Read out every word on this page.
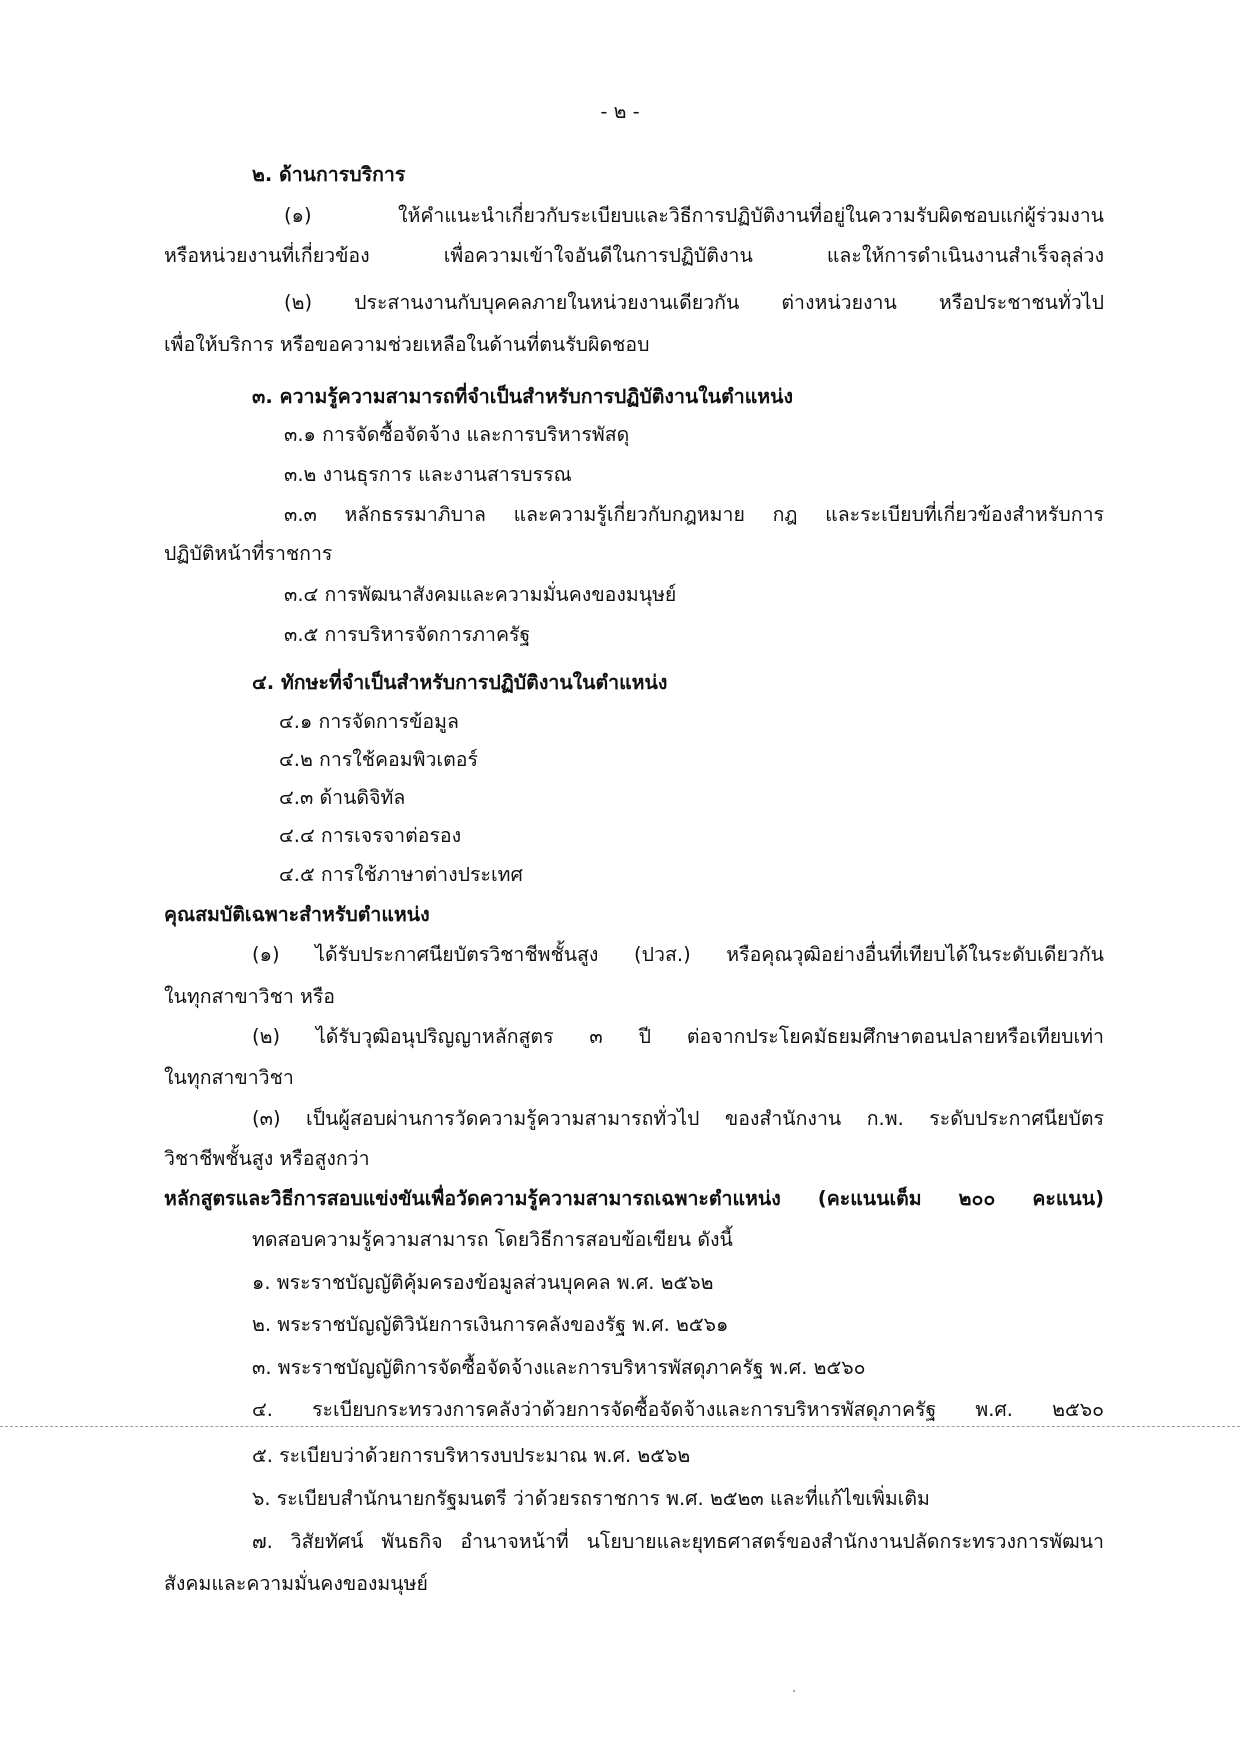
- ๒ -
๒. ด้านการบริการ
(๑) ให้คำแนะนำเกี่ยวกับระเบียบและวิธีการปฏิบัติงานที่อยู่ในความรับผิดชอบแก่ผู้ร่วมงาน
หรือหน่วยงานที่เกี่ยวข้อง เพื่อความเข้าใจอันดีในการปฏิบัติงาน และให้การดำเนินงานสำเร็จลุล่วง
(๒) ประสานงานกับบุคคลภายในหน่วยงานเดียวกัน ต่างหน่วยงาน หรือประชาชนทั่วไป
เพื่อให้บริการ หรือขอความช่วยเหลือในด้านที่ตนรับผิดชอบ
๓. ความรู้ความสามารถที่จำเป็นสำหรับการปฏิบัติงานในตำแหน่ง
๓.๑ การจัดซื้อจัดจ้าง และการบริหารพัสดุ
๓.๒ งานธุรการ และงานสารบรรณ
๓.๓ หลักธรรมาภิบาล และความรู้เกี่ยวกับกฎหมาย กฎ และระเบียบที่เกี่ยวข้องสำหรับการ
ปฏิบัติหน้าที่ราชการ
๓.๔ การพัฒนาสังคมและความมั่นคงของมนุษย์
๓.๕ การบริหารจัดการภาครัฐ
๔. ทักษะที่จำเป็นสำหรับการปฏิบัติงานในตำแหน่ง
๔.๑ การจัดการข้อมูล
๔.๒ การใช้คอมพิวเตอร์
๔.๓ ด้านดิจิทัล
๔.๔ การเจรจาต่อรอง
๔.๕ การใช้ภาษาต่างประเทศ
คุณสมบัติเฉพาะสำหรับตำแหน่ง
(๑) ได้รับประกาศนียบัตรวิชาชีพชั้นสูง (ปวส.) หรือคุณวุฒิอย่างอื่นที่เทียบได้ในระดับเดียวกัน
ในทุกสาขาวิชา หรือ
(๒) ได้รับวุฒิอนุปริญญาหลักสูตร ๓ ปี ต่อจากประโยคมัธยมศึกษาตอนปลายหรือเทียบเท่า
ในทุกสาขาวิชา
(๓) เป็นผู้สอบผ่านการวัดความรู้ความสามารถทั่วไป ของสำนักงาน ก.พ. ระดับประกาศนียบัตร
วิชาชีพชั้นสูง หรือสูงกว่า
หลักสูตรและวิธีการสอบแข่งขันเพื่อวัดความรู้ความสามารถเฉพาะตำแหน่ง (คะแนนเต็ม ๒๐๐ คะแนน)
ทดสอบความรู้ความสามารถ โดยวิธีการสอบข้อเขียน ดังนี้
๑. พระราชบัญญัติคุ้มครองข้อมูลส่วนบุคคล พ.ศ. ๒๕๖๒
๒. พระราชบัญญัติวินัยการเงินการคลังของรัฐ พ.ศ. ๒๕๖๑
๓. พระราชบัญญัติการจัดซื้อจัดจ้างและการบริหารพัสดุภาครัฐ พ.ศ. ๒๕๖๐
๔. ระเบียบกระทรวงการคลังว่าด้วยการจัดซื้อจัดจ้างและการบริหารพัสดุภาครัฐ พ.ศ. ๒๕๖๐
๕. ระเบียบว่าด้วยการบริหารงบประมาณ พ.ศ. ๒๕๖๒
๖. ระเบียบสำนักนายกรัฐมนตรี ว่าด้วยรถราชการ พ.ศ. ๒๕๒๓ และที่แก้ไขเพิ่มเติม
๗. วิสัยทัศน์ พันธกิจ อำนาจหน้าที่ นโยบายและยุทธศาสตร์ของสำนักงานปลัดกระทรวงการพัฒนา
สังคมและความมั่นคงของมนุษย์
